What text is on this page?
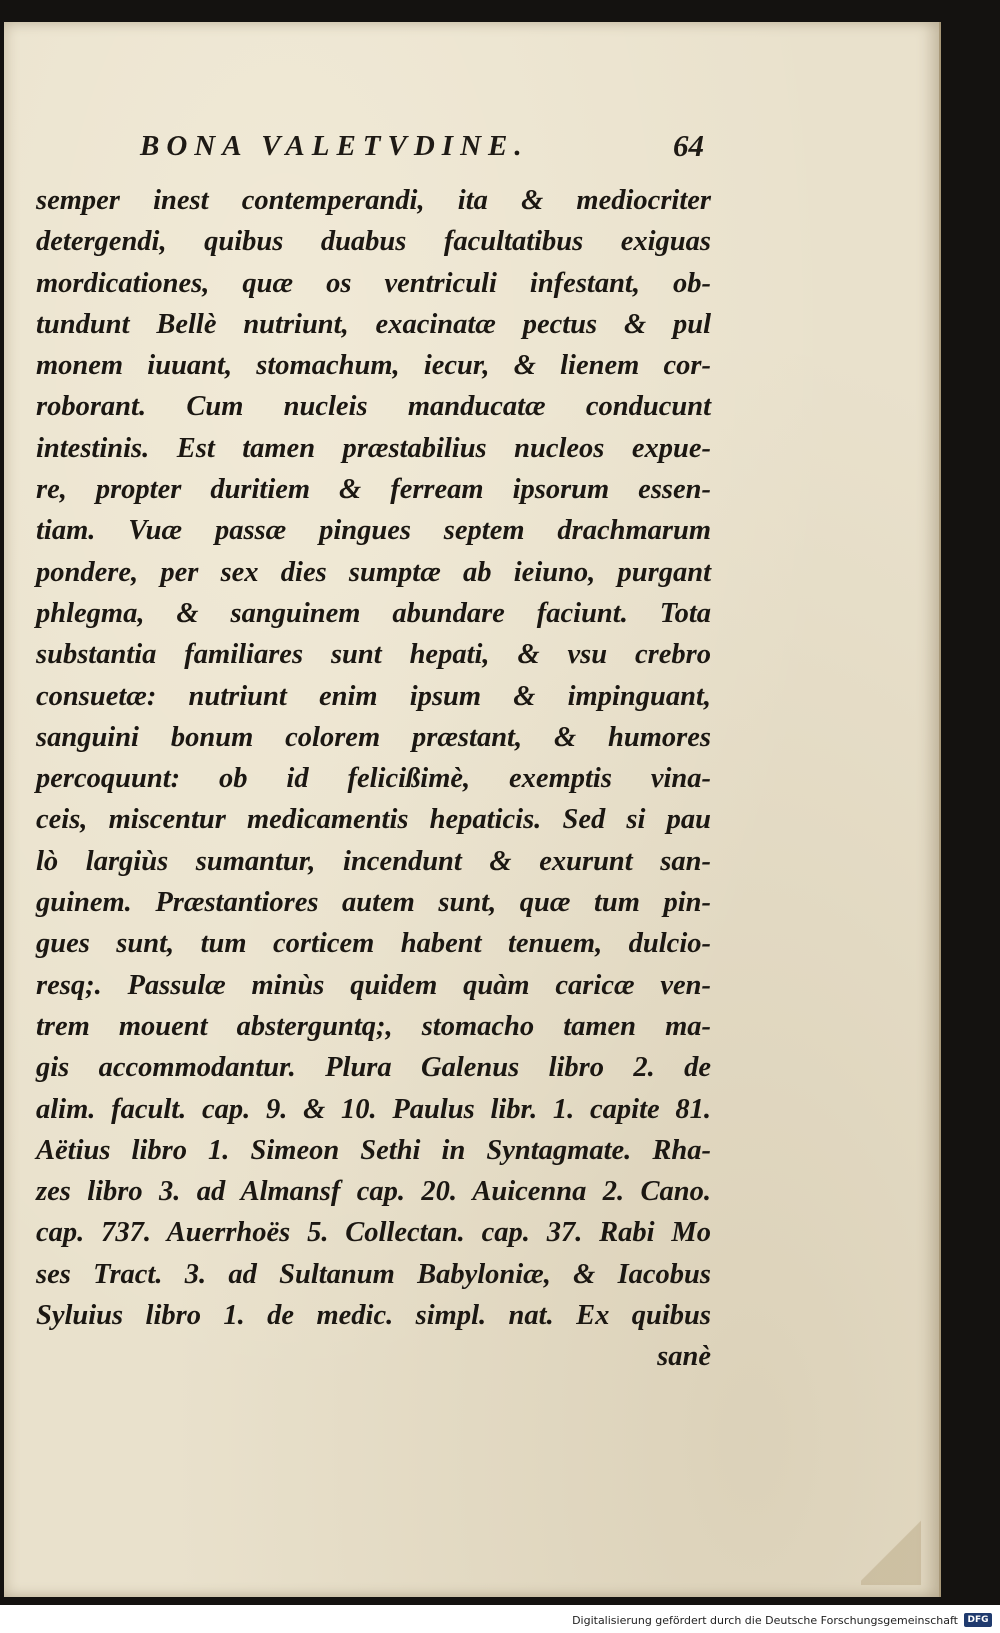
BONA VALETVDINE.	64
semper inest contemperandi, ita & mediocriter
detergendi, quibus duabus facultatibus exiguas
mordicationes, quæ os ventriculi infestant, ob-
tundunt Bellè nutriunt, exacinatæ pectus & pul
monem iuuant, stomachum, iecur, & lienem cor-
roborant. Cum nucleis manducatæ conducunt
intestinis. Est tamen præstabilius nucleos expue-
re, propter duritiem & ferream ipsorum essen-
tiam. Vuæ passæ pingues septem drachmarum
pondere, per sex dies sumptæ ab ieiuno, purgant
phlegma, & sanguinem abundare faciunt. Tota
substantia familiares sunt hepati, & vsu crebro
consuetæ: nutriunt enim ipsum & impinguant,
sanguini bonum colorem præstant, & humores
percoquunt: ob id felicißimè, exemptis vina-
ceis, miscentur medicamentis hepaticis. Sed si pau
lò largiùs sumantur, incendunt & exurunt san-
guinem. Præstantiores autem sunt, quæ tum pin-
gues sunt, tum corticem habent tenuem, dulcio-
resq;. Passulæ minùs quidem quàm caricæ ven-
trem mouent absterguntq;, stomacho tamen ma-
gis accommodantur. Plura Galenus libro 2. de
alim. facult. cap. 9. & 10. Paulus libr. 1. capite 81.
Aëtius libro 1. Simeon Sethi in Syntagmate. Rha-
zes libro 3. ad Almansf cap. 20. Auicenna 2. Cano.
cap. 737. Auerrhoës 5. Collectan. cap. 37. Rabi Mo
ses Tract. 3. ad Sultanum Babyloniæ, & Iacobus
Syluius libro 1. de medic. simpl. nat. Ex quibus
sanè
Digitalisierung gefördert durch die Deutsche Forschungsgemeinschaft	DFG
